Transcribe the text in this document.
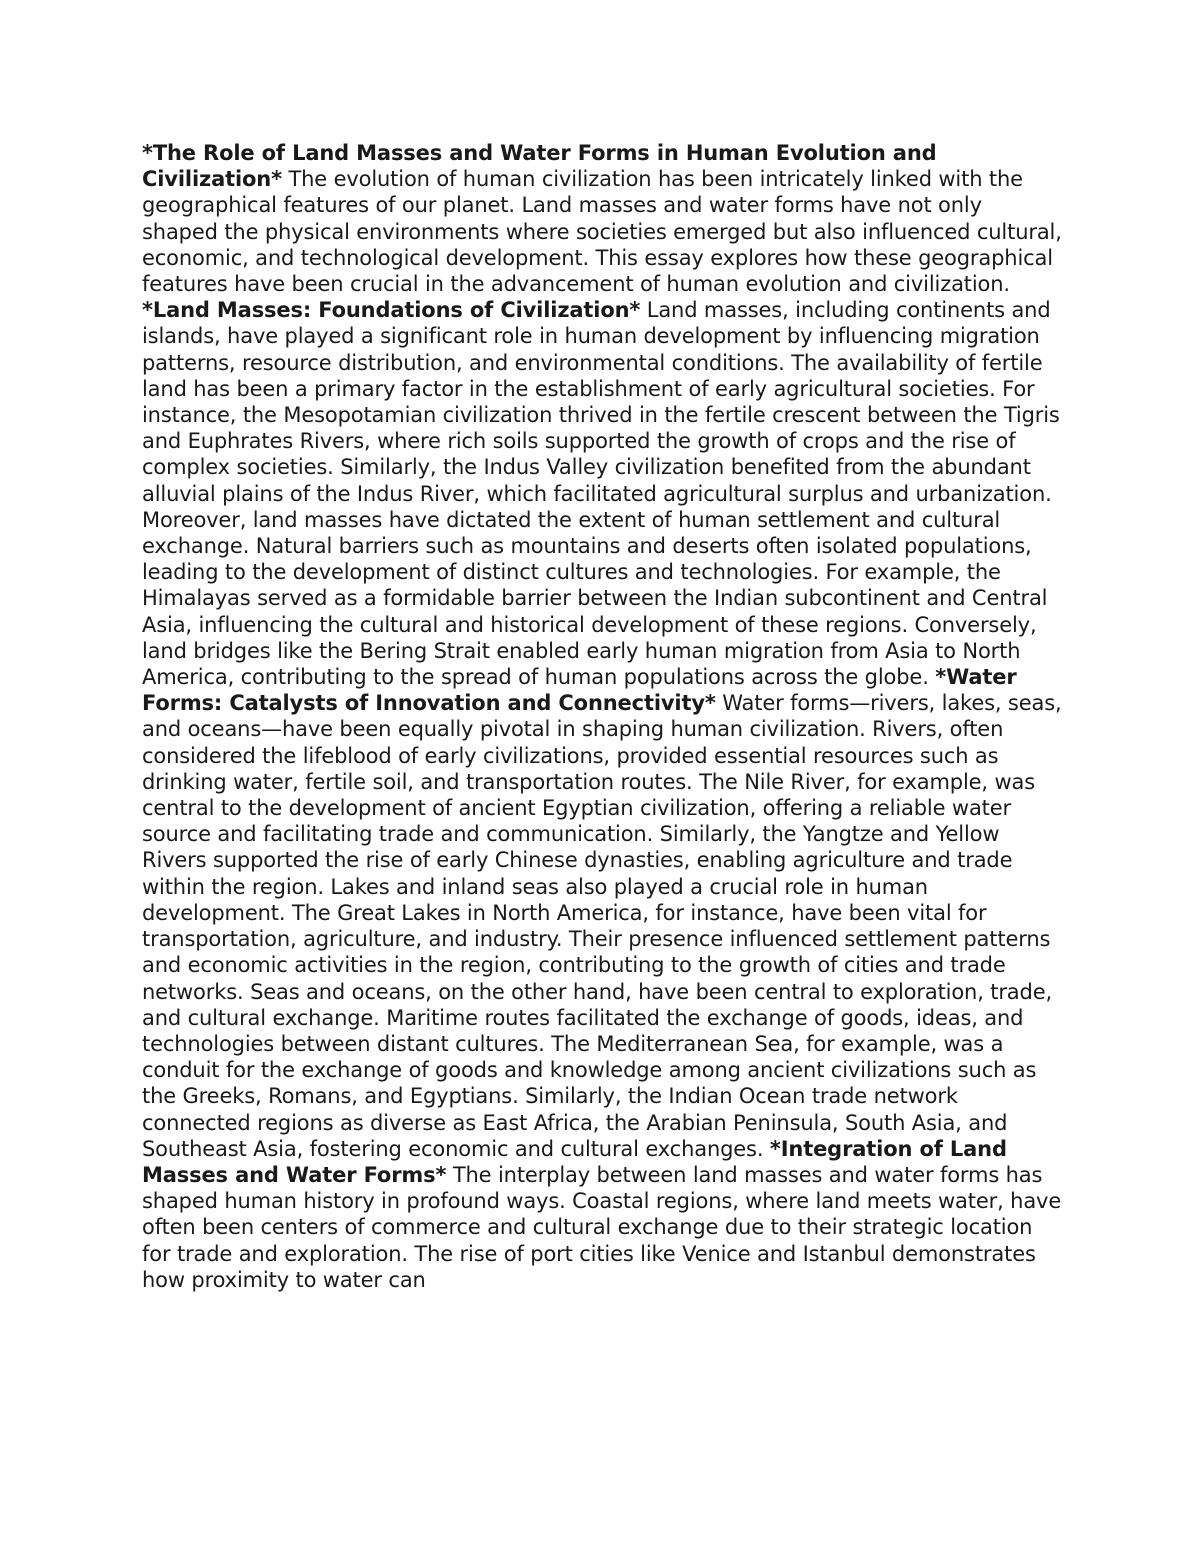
*The Role of Land Masses and Water Forms in Human Evolution and Civilization* The evolution of human civilization has been intricately linked with the geographical features of our planet. Land masses and water forms have not only shaped the physical environments where societies emerged but also influenced cultural, economic, and technological development. This essay explores how these geographical features have been crucial in the advancement of human evolution and civilization. *Land Masses: Foundations of Civilization* Land masses, including continents and islands, have played a significant role in human development by influencing migration patterns, resource distribution, and environmental conditions. The availability of fertile land has been a primary factor in the establishment of early agricultural societies. For instance, the Mesopotamian civilization thrived in the fertile crescent between the Tigris and Euphrates Rivers, where rich soils supported the growth of crops and the rise of complex societies. Similarly, the Indus Valley civilization benefited from the abundant alluvial plains of the Indus River, which facilitated agricultural surplus and urbanization. Moreover, land masses have dictated the extent of human settlement and cultural exchange. Natural barriers such as mountains and deserts often isolated populations, leading to the development of distinct cultures and technologies. For example, the Himalayas served as a formidable barrier between the Indian subcontinent and Central Asia, influencing the cultural and historical development of these regions. Conversely, land bridges like the Bering Strait enabled early human migration from Asia to North America, contributing to the spread of human populations across the globe. *Water Forms: Catalysts of Innovation and Connectivity* Water forms—rivers, lakes, seas, and oceans—have been equally pivotal in shaping human civilization. Rivers, often considered the lifeblood of early civilizations, provided essential resources such as drinking water, fertile soil, and transportation routes. The Nile River, for example, was central to the development of ancient Egyptian civilization, offering a reliable water source and facilitating trade and communication. Similarly, the Yangtze and Yellow Rivers supported the rise of early Chinese dynasties, enabling agriculture and trade within the region. Lakes and inland seas also played a crucial role in human development. The Great Lakes in North America, for instance, have been vital for transportation, agriculture, and industry. Their presence influenced settlement patterns and economic activities in the region, contributing to the growth of cities and trade networks. Seas and oceans, on the other hand, have been central to exploration, trade, and cultural exchange. Maritime routes facilitated the exchange of goods, ideas, and technologies between distant cultures. The Mediterranean Sea, for example, was a conduit for the exchange of goods and knowledge among ancient civilizations such as the Greeks, Romans, and Egyptians. Similarly, the Indian Ocean trade network connected regions as diverse as East Africa, the Arabian Peninsula, South Asia, and Southeast Asia, fostering economic and cultural exchanges. *Integration of Land Masses and Water Forms* The interplay between land masses and water forms has shaped human history in profound ways. Coastal regions, where land meets water, have often been centers of commerce and cultural exchange due to their strategic location for trade and exploration. The rise of port cities like Venice and Istanbul demonstrates how proximity to water can
